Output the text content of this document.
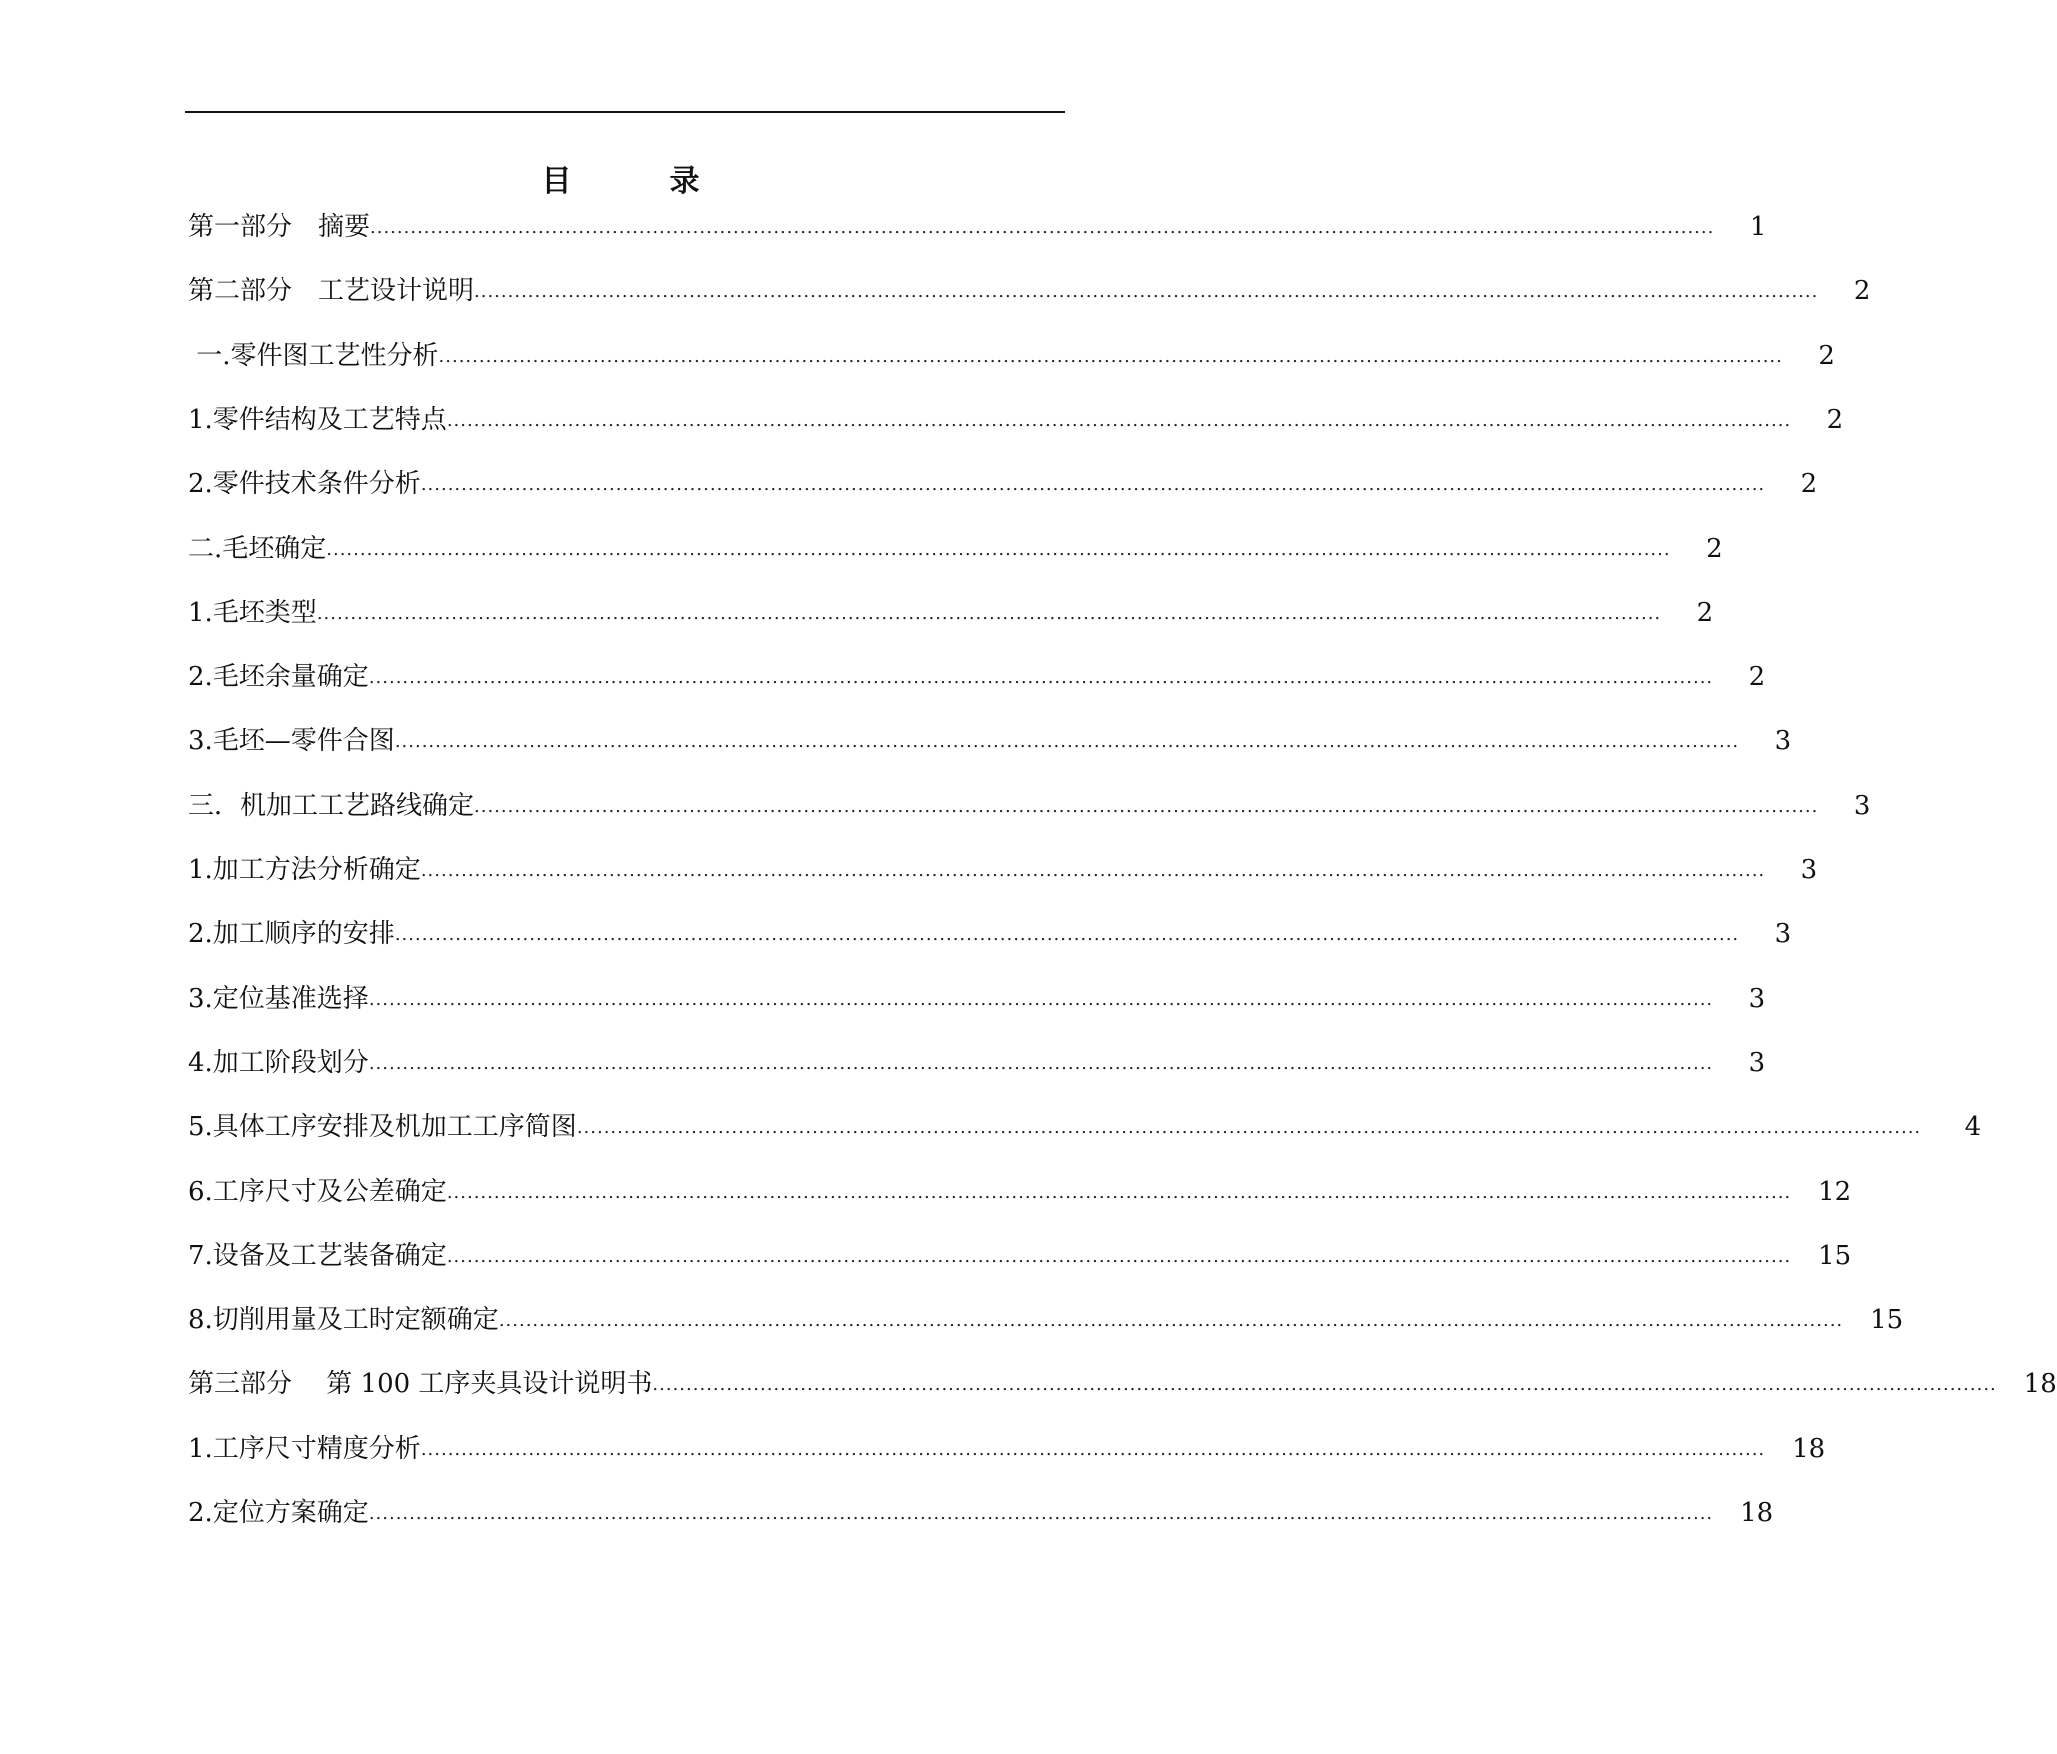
目　录
第一部分　摘要 ........................................................................................................................................................................................................	1
第二部分　工艺设计说明 ........................................................................................................................................................................................................	2
一.零件图工艺性分析 ........................................................................................................................................................................................................	2
1.零件结构及工艺特点 ........................................................................................................................................................................................................	2
2.零件技术条件分析 ........................................................................................................................................................................................................	2
二.毛坯确定 ........................................................................................................................................................................................................	2
1.毛坯类型 ........................................................................................................................................................................................................	2
2.毛坯余量确定 ........................................................................................................................................................................................................	2
3.毛坯—零件合图 ........................................................................................................................................................................................................	3
三．机加工工艺路线确定 ........................................................................................................................................................................................................	3
1.加工方法分析确定 ........................................................................................................................................................................................................	3
2.加工顺序的安排 ........................................................................................................................................................................................................	3
3.定位基准选择 ........................................................................................................................................................................................................	3
4.加工阶段划分 ........................................................................................................................................................................................................	3
5.具体工序安排及机加工工序简图 ........................................................................................................................................................................................................	4
6.工序尺寸及公差确定 ........................................................................................................................................................................................................	12
7.设备及工艺装备确定 ........................................................................................................................................................................................................	15
8.切削用量及工时定额确定 ........................................................................................................................................................................................................	15
第三部分　 第 100 工序夹具设计说明书 ........................................................................................................................................................................................................	18
1.工序尺寸精度分析 ........................................................................................................................................................................................................	18
2.定位方案确定 ........................................................................................................................................................................................................	18
